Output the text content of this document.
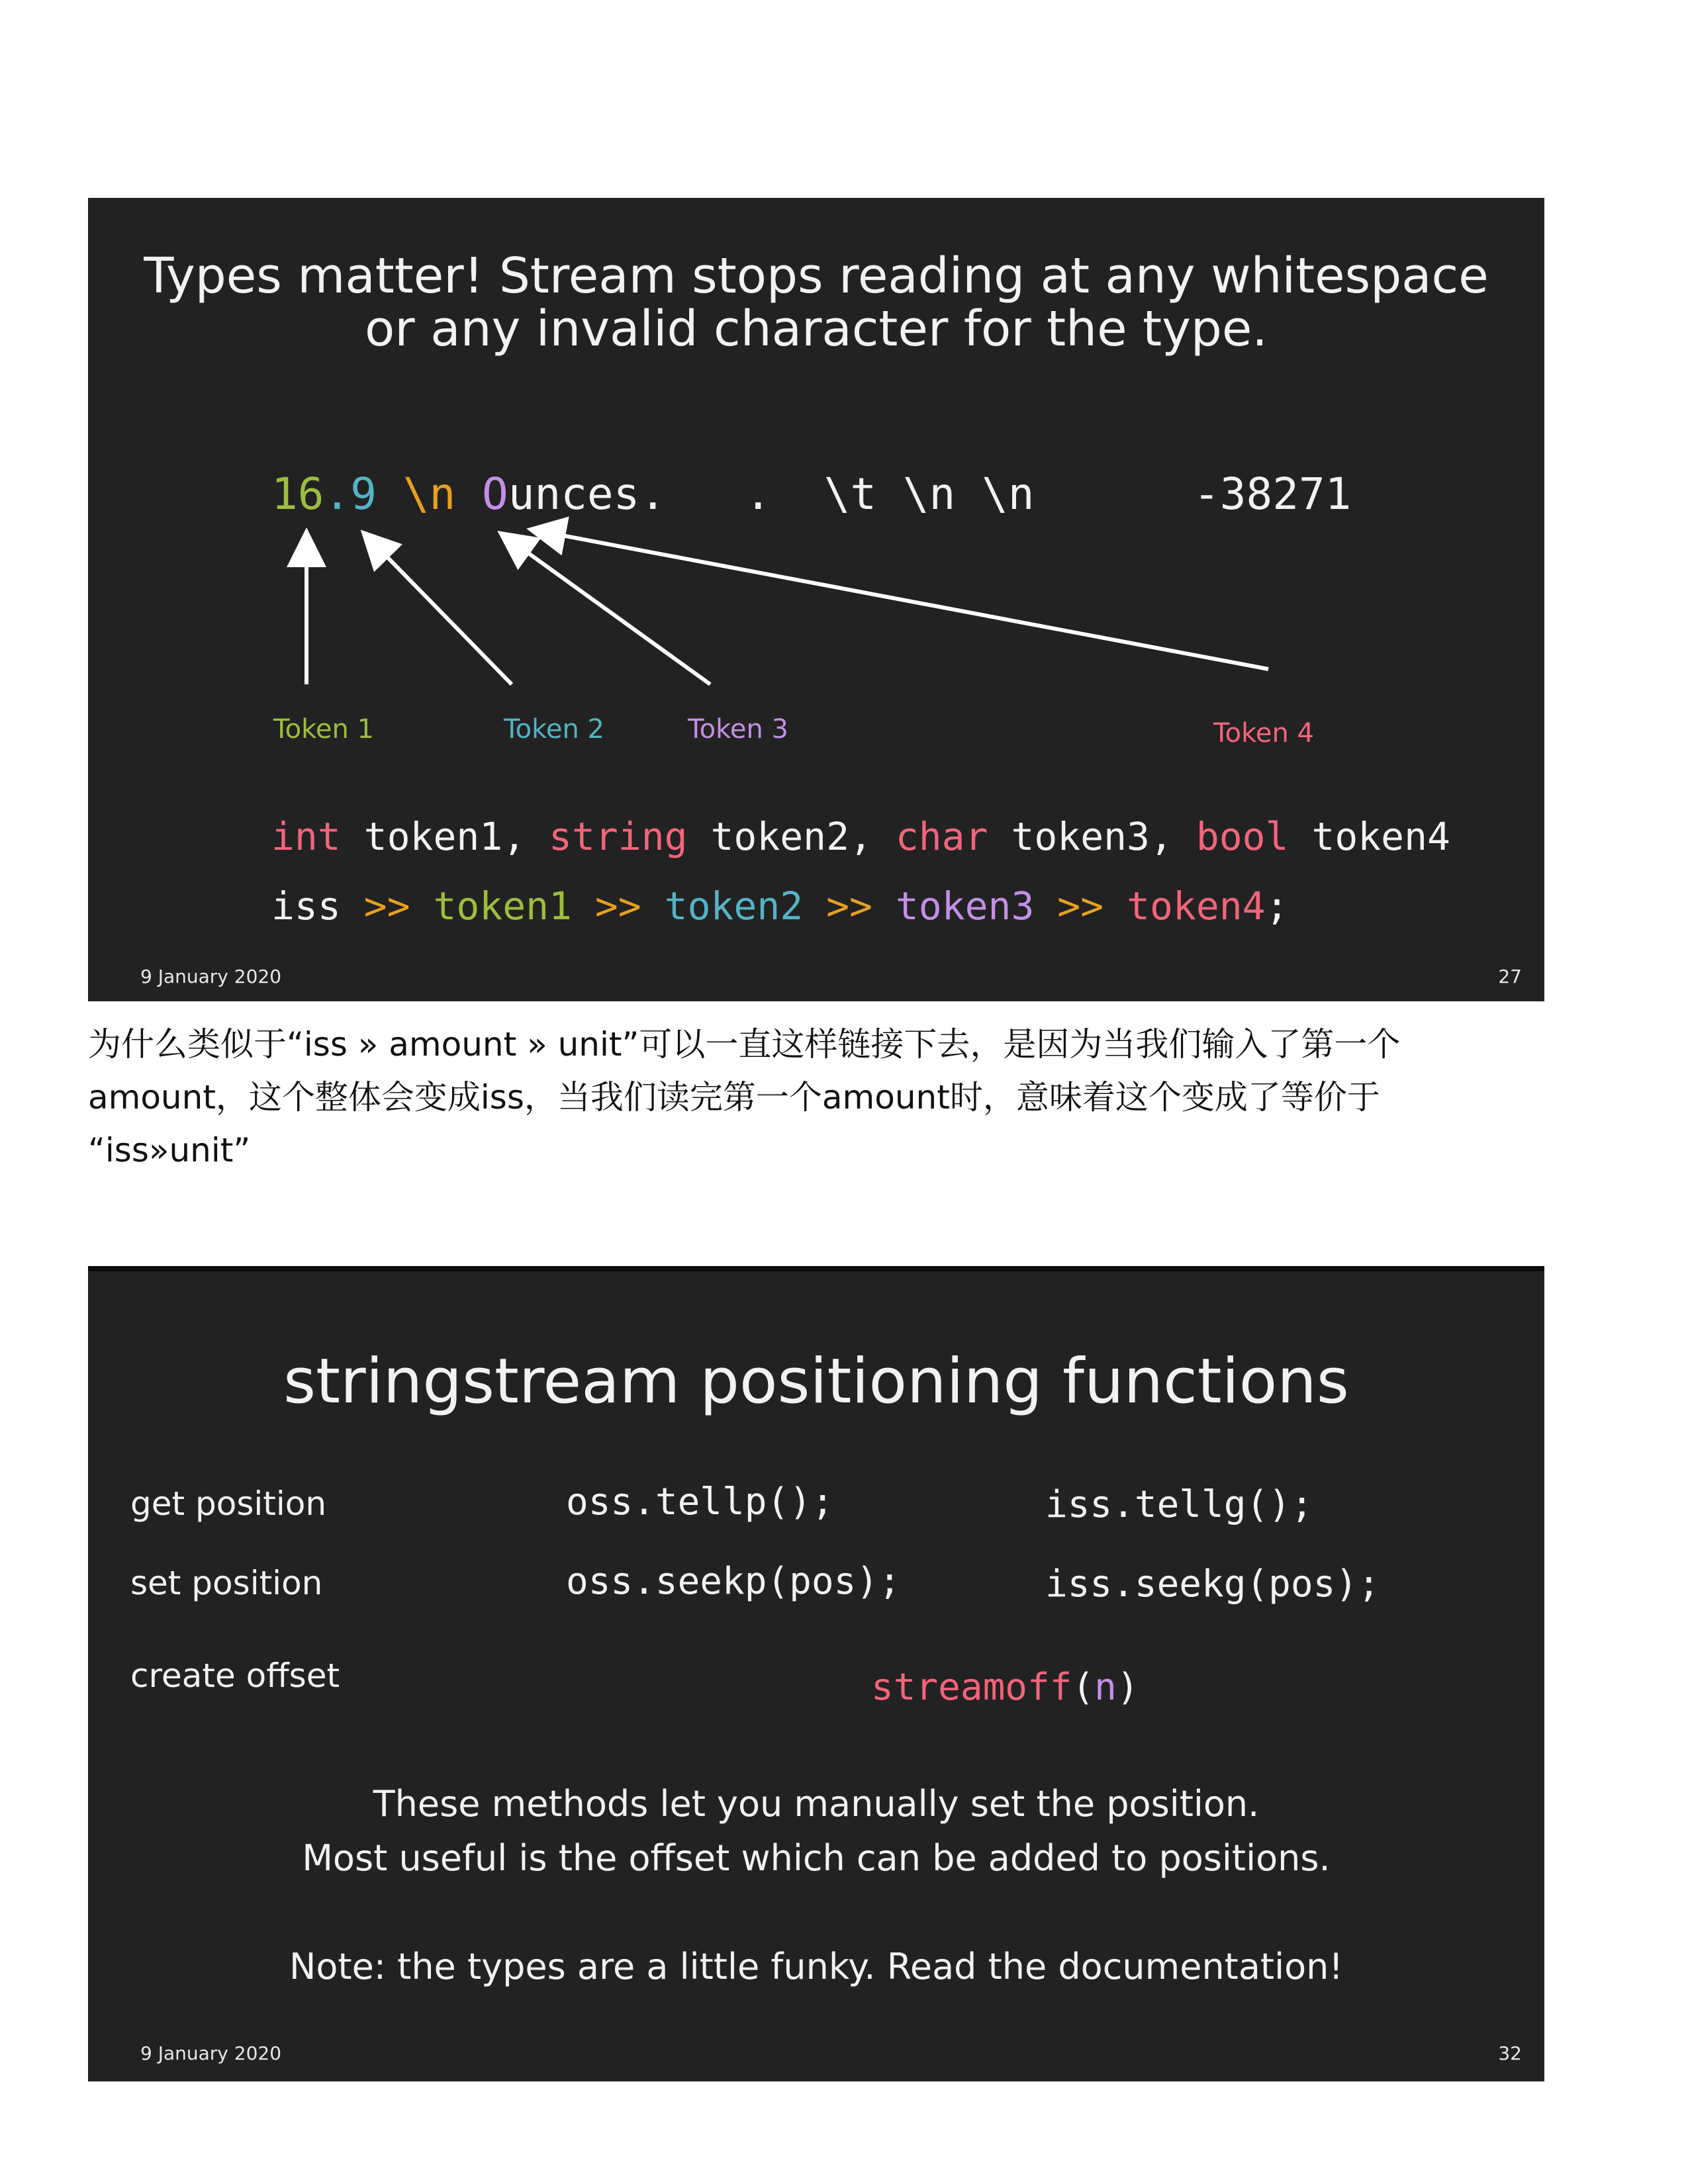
Types matter! Stream stops reading at any whitespace
or any invalid character for the type.
16.9 \n Ounces. . \t \n \n	-38271
Token 1	Token 2	Token 3	Token 4
int token1, string token2, char token3, bool token4
iss >> token1 >> token2 >> token3 >> token4;
9 January 2020	27
为什么类似于“iss » amount » unit”可以一直这样链接下去，是因为当我们输入了第一个
amount，这个整体会变成iss，当我们读完第一个amount时，意味着这个变成了等价于
“iss»unit”
stringstream positioning functions
get position	oss.tellp();	iss.tellg();
set position	oss.seekp(pos);	iss.seekg(pos);
create offset	streamoff(n)
These methods let you manually set the position.
Most useful is the offset which can be added to positions.
Note: the types are a little funky. Read the documentation!
9 January 2020	32
